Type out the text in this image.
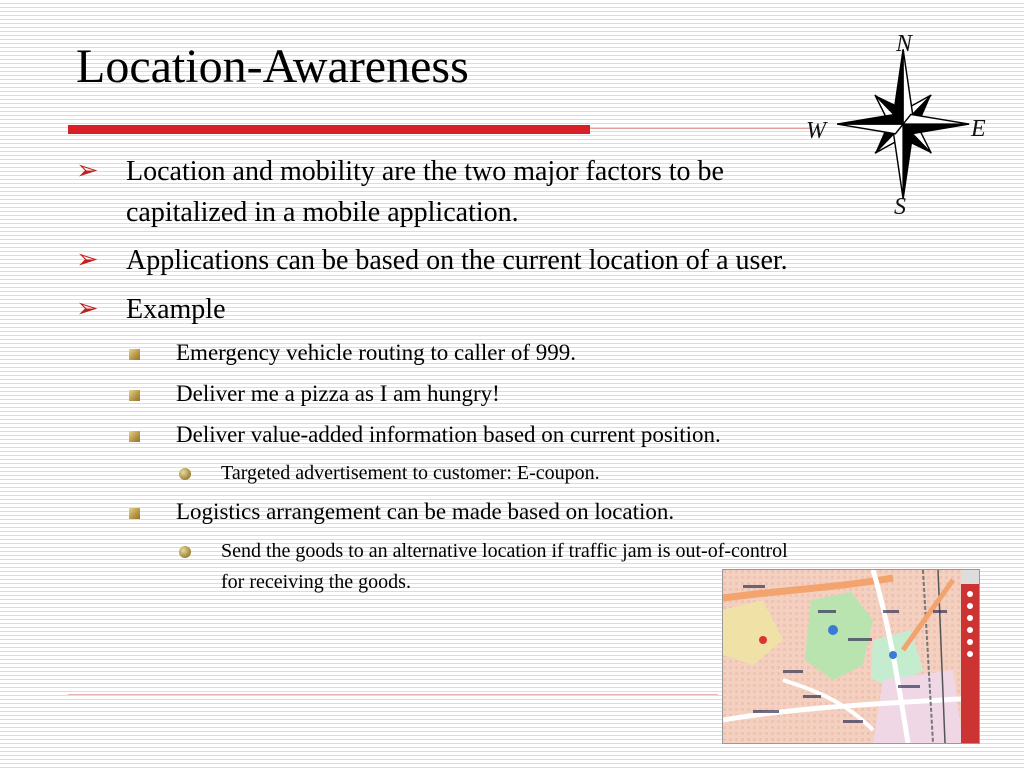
Location-Awareness	N
E
S
W
➢ Location and mobility are the two major factors to be
capitalized in a mobile application.
➢ Applications can be based on the current location of a user.
➢ Example
Emergency vehicle routing to caller of 999.
Deliver me a pizza as I am hungry!
Deliver value-added information based on current position.
Logistics arrangement can be made based on location.
Targeted advertisement to customer: E-coupon.
Send the goods to an alternative location if traffic jam is out-of-control
for receiving the goods.
